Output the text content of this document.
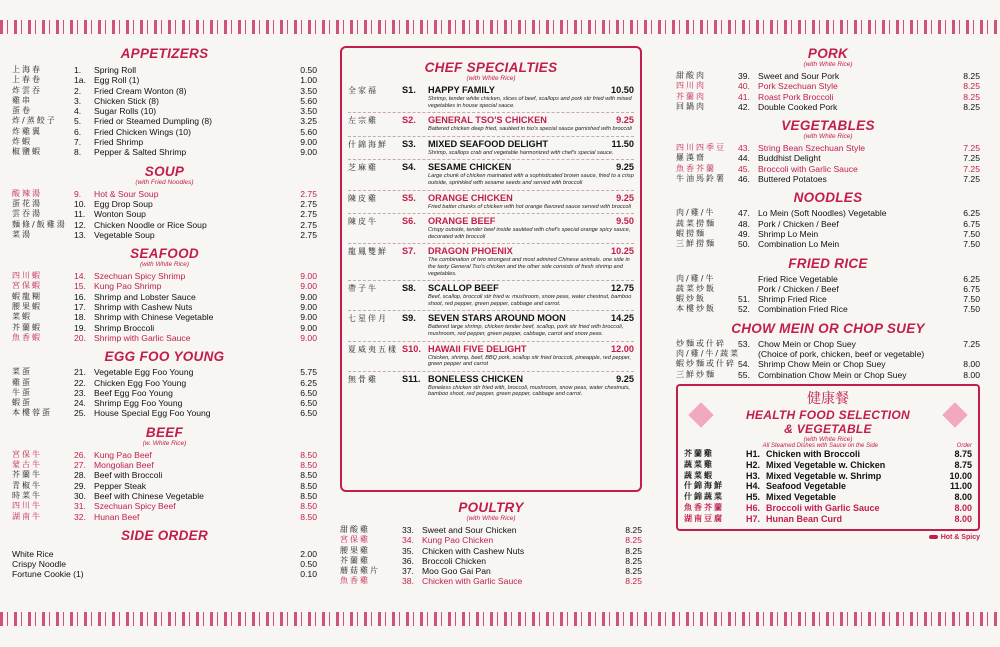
APPETIZERS
上海春	1.	Spring Roll	0.50
上春卷	1a. Egg Roll (1)	1.00
炸雲吞	2.	Fried Cream Wonton (8)	3.50
雞串	3.	Chicken Stick (8)	5.60
蛋卷	4.	Sugar Rolls (10)	3.50
炸/蒸餃子	5.	Fried or Steamed Dumpling (8)	3.25
炸雞翼	6.	Fried Chicken Wings (10)	5.60
炸蝦	7.	Fried Shrimp	9.00
椒鹽蝦	8.	Pepper & Salted Shrimp	9.00
SOUP
(with Fried Noodles)
酸辣湯	9.	Hot & Sour Soup	2.75
蛋花湯	10. Egg Drop Soup	2.75
雲吞湯	11.	Wonton Soup	2.75
麵條/飯雞湯 12. Chicken Noodle or Rice Soup	2.75
菜湯	13. Vegetable Soup	2.75
SEAFOOD
(with White Rice)
四川蝦	14. Szechuan Spicy Shrimp	9.00
宮保蝦	15. Kung Pao Shrimp	9.00
蝦龍糊	16. Shrimp and Lobster Sauce	9.00
腰果蝦	17. Shrimp with Cashew Nuts	9.00
菜蝦	18. Shrimp with Chinese Vegetable	9.00
芥蘭蝦	19. Shrimp Broccoli	9.00
魚香蝦	20. Shrimp with Garlic Sauce	9.00
EGG FOO YOUNG
菜蛋	21. Vegetable Egg Foo Young	5.75
雞蛋	22. Chicken Egg Foo Young	6.25
牛蛋	23. Beef Egg Foo Young	6.50
蝦蛋	24. Shrimp Egg Foo Young	6.50
本樓蓉蛋	25. House Special Egg Foo Young	6.50
BEEF
(w. White Rice)
宮保牛	26. Kung Pao Beef	8.50
蒙古牛	27. Mongolian Beef	8.50
芥蘭牛	28. Beef with Broccoli	8.50
青椒牛	29. Pepper Steak	8.50
時菜牛	30. Beef with Chinese Vegetable	8.50
四川牛	31. Szechuan Spicy Beef	8.50
湖南牛	32. Hunan Beef	8.50
SIDE ORDER
White Rice	2.00
Crispy Noodle	0.50
Fortune Cookie (1)	0.10
CHEF SPECIALTIES
(with White Rice)
全家福	S1.	HAPPY FAMILY	10.50
Shrimp, tender white chicken, slices of beef, scallops and pork stir fried with mixed vegetables in house special sauce.
左宗雞	S2.	GENERAL TSO'S CHICKEN	9.25
Battered chicken deep fried, sautéed in tso's special sauce garnished with broccoli
什錦海鮮	S3.	MIXED SEAFOOD DELIGHT	11.50
Shrimp, scallops crab and vegetable harmonized with chef's special sauce.
芝麻雞	S4.	SESAME CHICKEN	9.25
Large chunk of chicken marinated with a sophisticated brown sauce, fried to a crisp outside, sprinkled with sesame seeds and served with broccoli
陳皮雞	S5.	ORANGE CHICKEN	9.25
Fried batter chunks of chicken with hot orange flavored sauce served with broccoli
陳皮牛	S6.	ORANGE BEEF	9.50
Crispy outside, tender beef inside sautéed with chef's special orange spicy sauce, decorated with broccoli
龍鳳雙鮮	S7.	DRAGON PHOENIX	10.25
The combination of two strongest and most admired Chinese animals. one side in the tasty General Tso's chicken and the other side consists of fresh shrimp and vegetables.
帶子牛	S8.	SCALLOP BEEF	12.75
Beef, scallop, broccoli stir fried w. mushroom, snow peas, water chestnut, bamboo shoot, red pepper, green pepper, cabbage and carrot.
七星伴月	S9.	SEVEN STARS AROUND MOON	14.25
Battered large shrimp, chicken tender beef, scallop, pork stir fried with broccoli, mushroom, red pepper, green pepper, cabbage, carrot and snow peas.
夏威夷五樣 S10. HAWAII FIVE DELIGHT	12.00
Chicken, shrimp, beef, BBQ pork, scallop stir fried broccoli, pineapple, red pepper, green pepper and carrot
無骨雞	S11. BONELESS CHICKEN	9.25
Boneless chicken stir fried with, broccoli, mushroom, snow peas, water chestnuts, bamboo shoot, red pepper, green pepper, cabbage and carrot.
POULTRY
(with White Rice)
甜酸雞	33. Sweet and Sour Chicken	8.25
宮保雞	34. Kung Pao Chicken	8.25
腰果雞	35. Chicken with Cashew Nuts	8.25
芥蘭雞	36. Broccoli Chicken	8.25
蘑菇雞片	37. Moo Goo Gai Pan	8.25
魚香雞	38. Chicken with Garlic Sauce	8.25
PORK
(with White Rice)
甜酸肉	39. Sweet and Sour Pork	8.25
四川肉	40. Pork Szechuan Style	8.25
芥蘭肉	41. Roast Pork Broccoli	8.25
回鍋肉	42. Double Cooked Pork	8.25
VEGETABLES
(with White Rice)
四川四季豆	43. String Bean Szechuan Style	7.25
羅漢齋	44. Buddhist Delight	7.25
魚香芥蘭	45. Broccoli with Garlic Sauce	7.25
牛油馬鈴薯	46. Buttered Potatoes	7.25
NOODLES
肉/雞/牛	47. Lo Mein (Soft Noodles) Vegetable	6.25
蔬菜撈麵	48. Pork / Chicken / Beef	6.75
蝦撈麵	49. Shrimp Lo Mein	7.50
三鮮撈麵	50. Combination Lo Mein	7.50
FRIED RICE
肉/雞/牛	Fried Rice Vegetable	6.25
蔬菜炒飯	Pork / Chicken / Beef	6.75
蝦炒飯	51. Shrimp Fried Rice	7.50
本樓炒飯	52. Combination Fried Rice	7.50
CHOW MEIN OR CHOP SUEY
炒麵或什碎	53. Chow Mein or Chop Suey	7.25
肉/雞/牛/蔬菜 (Choice of pork, chicken, beef or vegetable)
蝦炒麵或什碎 54. Shrimp Chow Mein or Chop Suey	8.00
三鮮炒麵	55. Combination Chow Mein or Chop Suey	8.00
健康餐
HEALTH FOOD SELECTION
& VEGETABLE
(with White Rice)
All Steamed Dishes with Sauce on the Side	Order
芥蘭雞	H1. Chicken with Broccoli	8.75
蔬菜雞	H2. Mixed Vegetable w. Chicken	8.75
蔬菜蝦	H3. Mixed Vegetable w. Shrimp	10.00
什錦海鮮	H4. Seafood Vegetable	11.00
什錦蔬菜	H5. Mixed Vegetable	8.00
魚香芥蘭	H6. Broccoli with Garlic Sauce	8.00
湖南豆腐	H7. Hunan Bean Curd	8.00
Hot & Spicy
